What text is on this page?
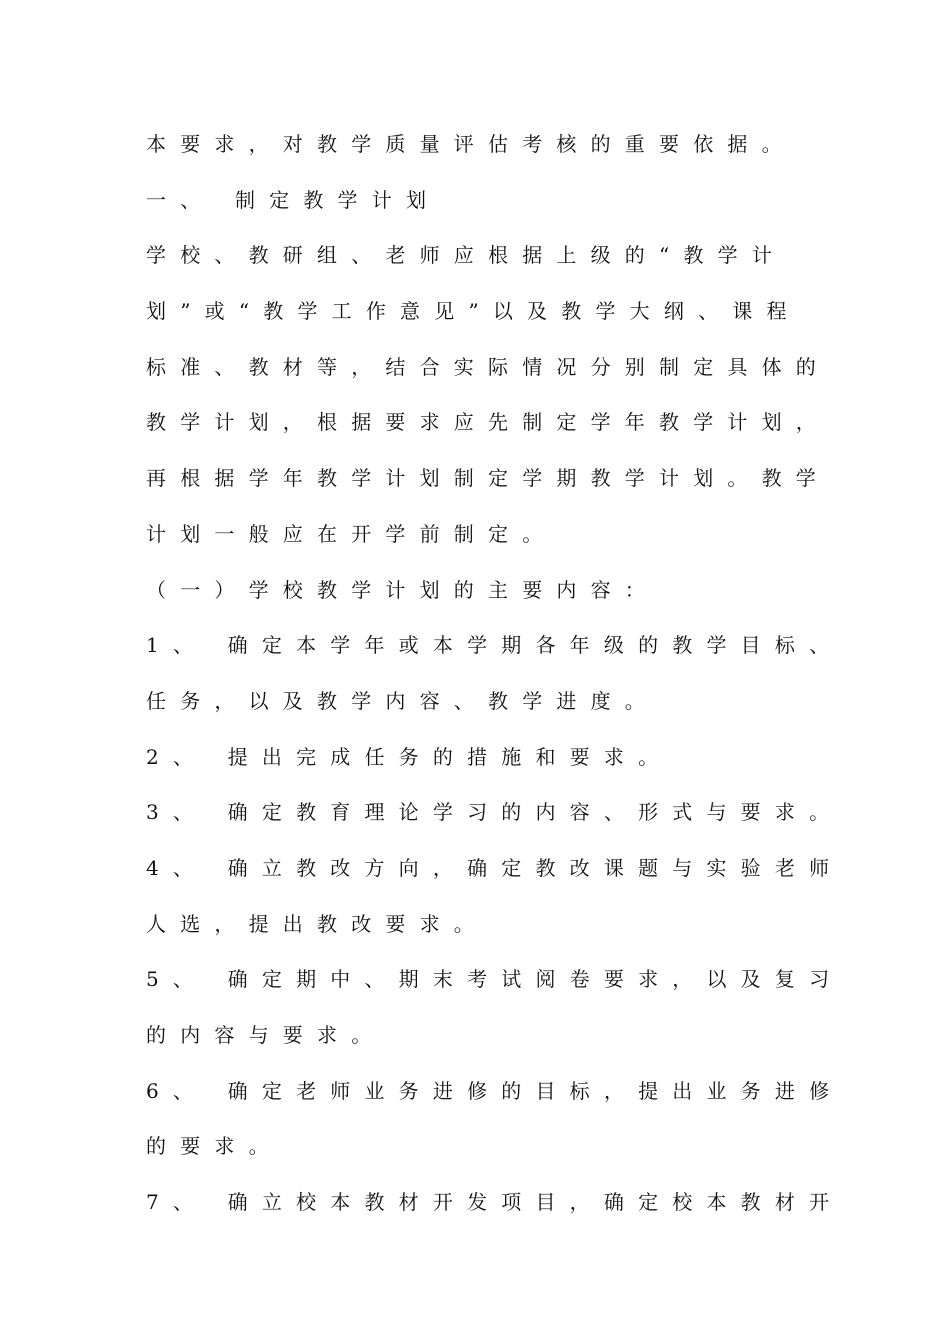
本要求，对教学质量评估考核的重要依据。
一、 制定教学计划
学校、教研组、老师应根据上级的“教学计
划”或“教学工作意见”以及教学大纲、课程
标准、教材等，结合实际情况分别制定具体的
教学计划，根据要求应先制定学年教学计划，
再根据学年教学计划制定学期教学计划。教学
计划一般应在开学前制定。
（一）学校教学计划的主要内容：
1、 确定本学年或本学期各年级的教学目标、
任务，以及教学内容、教学进度。
2、 提出完成任务的措施和要求。
3、 确定教育理论学习的内容、形式与要求。
4、 确立教改方向，确定教改课题与实验老师
人选，提出教改要求。
5、 确定期中、期末考试阅卷要求，以及复习
的内容与要求。
6、 确定老师业务进修的目标，提出业务进修
的要求。
7、 确立校本教材开发项目，确定校本教材开
